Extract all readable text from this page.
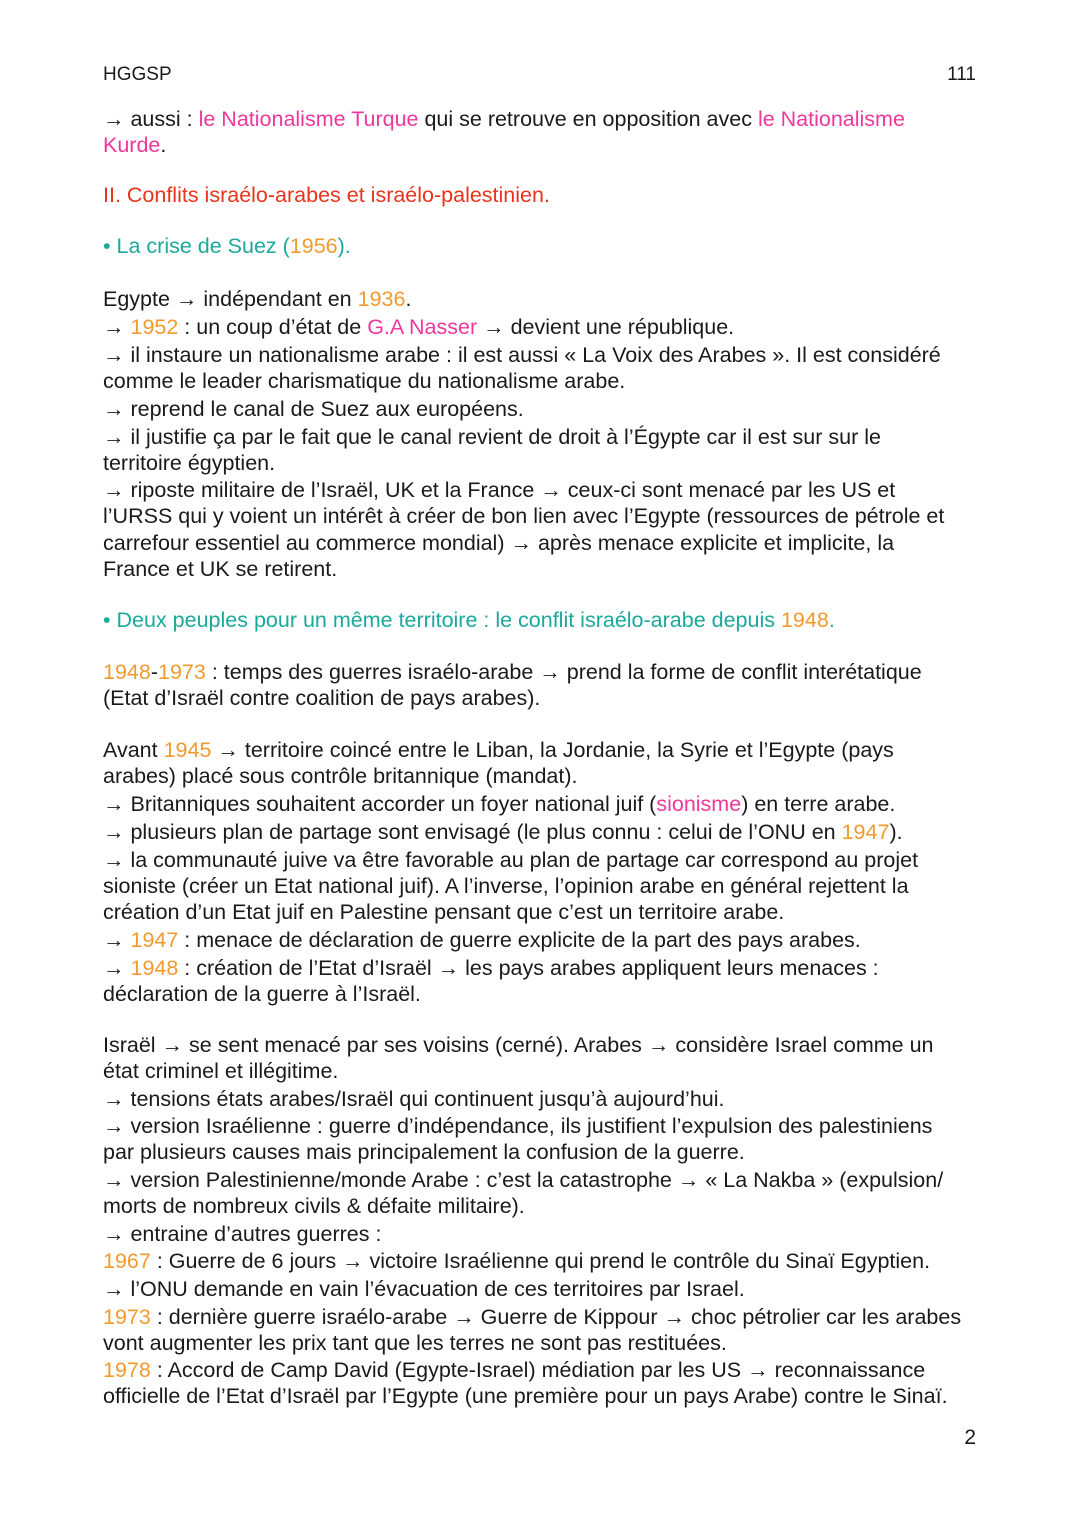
HGGSP	111
→ aussi : le Nationalisme Turque qui se retrouve en opposition avec le Nationalisme
Kurde.
II. Conflits israélo-arabes et israélo-palestinien.
• La crise de Suez (1956).
Egypte → indépendant en 1936.
→ 1952 : un coup d’état de G.A Nasser → devient une république.
→ il instaure un nationalisme arabe : il est aussi « La Voix des Arabes ». Il est considéré
comme le leader charismatique du nationalisme arabe.
→ reprend le canal de Suez aux européens.
→ il justifie ça par le fait que le canal revient de droit à l’Égypte car il est sur sur le
territoire égyptien.
→ riposte militaire de l’Israël, UK et la France → ceux-ci sont menacé par les US et
l’URSS qui y voient un intérêt à créer de bon lien avec l’Egypte (ressources de pétrole et
carrefour essentiel au commerce mondial) → après menace explicite et implicite, la
France et UK se retirent.
• Deux peuples pour un même territoire : le conflit israélo-arabe depuis 1948.
1948-1973 : temps des guerres israélo-arabe → prend la forme de conflit interétatique
(Etat d’Israël contre coalition de pays arabes).
Avant 1945 → territoire coincé entre le Liban, la Jordanie, la Syrie et l’Egypte (pays
arabes) placé sous contrôle britannique (mandat).
→ Britanniques souhaitent accorder un foyer national juif (sionisme) en terre arabe.
→ plusieurs plan de partage sont envisagé (le plus connu : celui de l’ONU en 1947).
→ la communauté juive va être favorable au plan de partage car correspond au projet
sioniste (créer un Etat national juif). A l’inverse, l’opinion arabe en général rejettent la
création d’un Etat juif en Palestine pensant que c’est un territoire arabe.
→ 1947 : menace de déclaration de guerre explicite de la part des pays arabes.
→ 1948 : création de l’Etat d’Israël → les pays arabes appliquent leurs menaces :
déclaration de la guerre à l’Israël.
Israël → se sent menacé par ses voisins (cerné). Arabes → considère Israel comme un
état criminel et illégitime.
→ tensions états arabes/Israël qui continuent jusqu’à aujourd’hui.
→ version Israélienne : guerre d’indépendance, ils justifient l’expulsion des palestiniens
par plusieurs causes mais principalement la confusion de la guerre.
→ version Palestinienne/monde Arabe : c’est la catastrophe → « La Nakba » (expulsion/
morts de nombreux civils & défaite militaire).
→ entraine d’autres guerres :
1967 : Guerre de 6 jours → victoire Israélienne qui prend le contrôle du Sinaï Egyptien.
→ l’ONU demande en vain l’évacuation de ces territoires par Israel.
1973 : dernière guerre israélo-arabe → Guerre de Kippour → choc pétrolier car les arabes
vont augmenter les prix tant que les terres ne sont pas restituées.
1978 : Accord de Camp David (Egypte-Israel) médiation par les US → reconnaissance
officielle de l’Etat d’Israël par l’Egypte (une première pour un pays Arabe) contre le Sinaï.
2
